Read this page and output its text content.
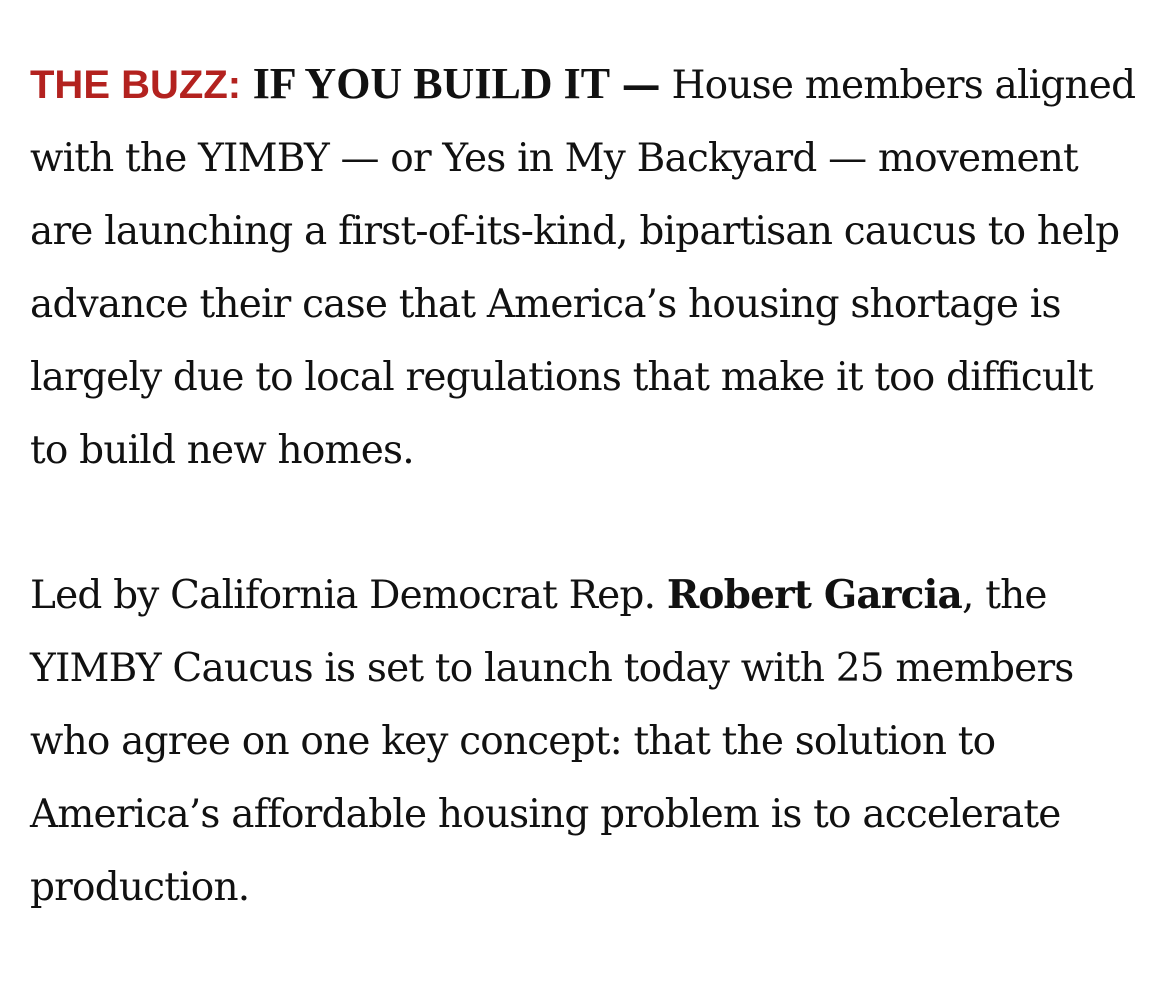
THE BUZZ: IF YOU BUILD IT — House members aligned with the YIMBY — or Yes in My Backyard — movement are launching a first-of-its-kind, bipartisan caucus to help advance their case that America’s housing shortage is largely due to local regulations that make it too difficult to build new homes.

Led by California Democrat Rep. Robert Garcia, the YIMBY Caucus is set to launch today with 25 members who agree on one key concept: that the solution to America’s affordable housing problem is to accelerate production.
